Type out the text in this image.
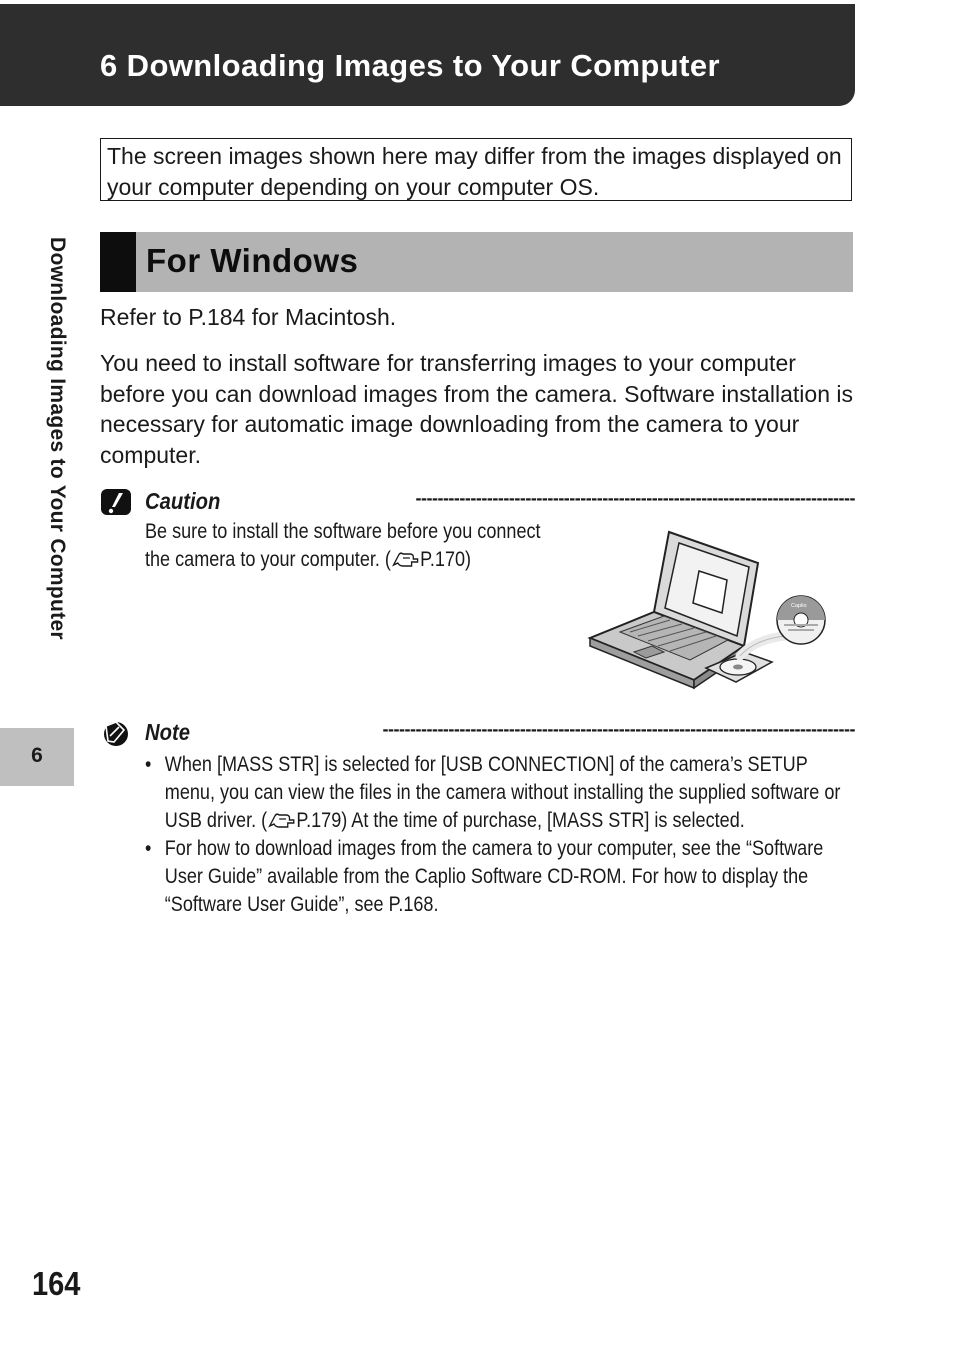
6 Downloading Images to Your Computer
Downloading Images to Your Computer
6
The screen images shown here may differ from the images displayed on your computer depending on your computer OS.
For Windows
Refer to P.184 for Macintosh.
You need to install software for transferring images to your computer before you can download images from the camera. Software installation is necessary for automatic image downloading from the camera to your computer.
Caution	--------------------------------------------------------------------------------
Be sure to install the software before you connect
the camera to your computer. ( P.170)
Caplio
Note	--------------------------------------------------------------------------------------
• When [MASS STR] is selected for [USB CONNECTION] of the camera’s SETUP
menu, you can view the files in the camera without installing the supplied software or
USB driver. ( P.179) At the time of purchase, [MASS STR] is selected.
• For how to download images from the camera to your computer, see the “Software
User Guide” available from the Caplio Software CD-ROM. For how to display the
“Software User Guide”, see P.168.
164
